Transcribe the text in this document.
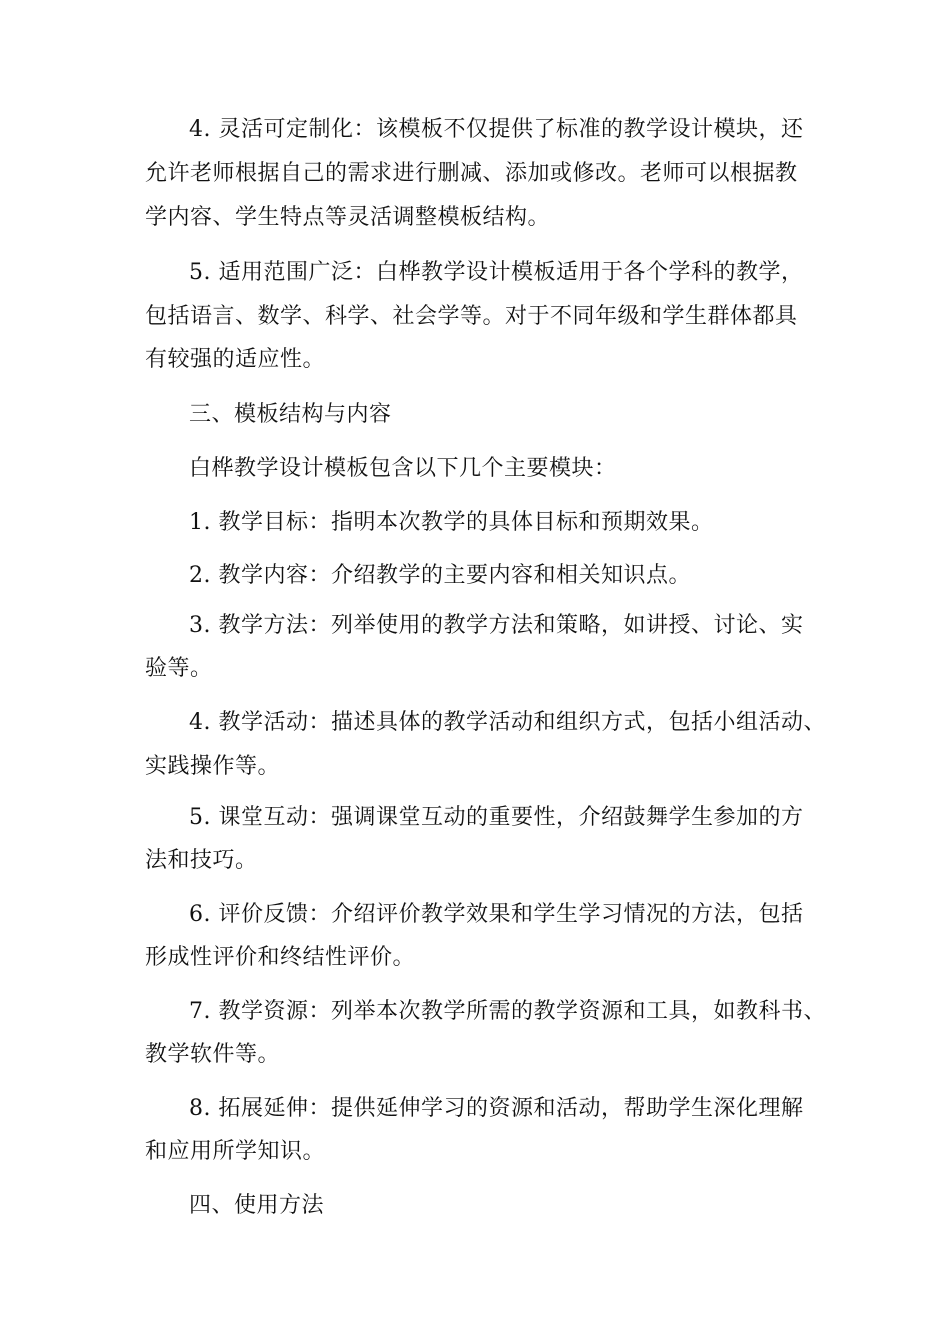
4. 灵活可定制化：该模板不仅提供了标准的教学设计模块，还
允许老师根据自己的需求进行删减、添加或修改。老师可以根据教
学内容、学生特点等灵活调整模板结构。
5. 适用范围广泛：白桦教学设计模板适用于各个学科的教学，
包括语言、数学、科学、社会学等。对于不同年级和学生群体都具
有较强的适应性。
三、模板结构与内容
白桦教学设计模板包含以下几个主要模块：
1. 教学目标：指明本次教学的具体目标和预期效果。
2. 教学内容：介绍教学的主要内容和相关知识点。
3. 教学方法：列举使用的教学方法和策略，如讲授、讨论、实
验等。
4. 教学活动：描述具体的教学活动和组织方式，包括小组活动、
实践操作等。
5. 课堂互动：强调课堂互动的重要性，介绍鼓舞学生参加的方
法和技巧。
6. 评价反馈：介绍评价教学效果和学生学习情况的方法，包括
形成性评价和终结性评价。
7. 教学资源：列举本次教学所需的教学资源和工具，如教科书、
教学软件等。
8. 拓展延伸：提供延伸学习的资源和活动，帮助学生深化理解
和应用所学知识。
四、使用方法
